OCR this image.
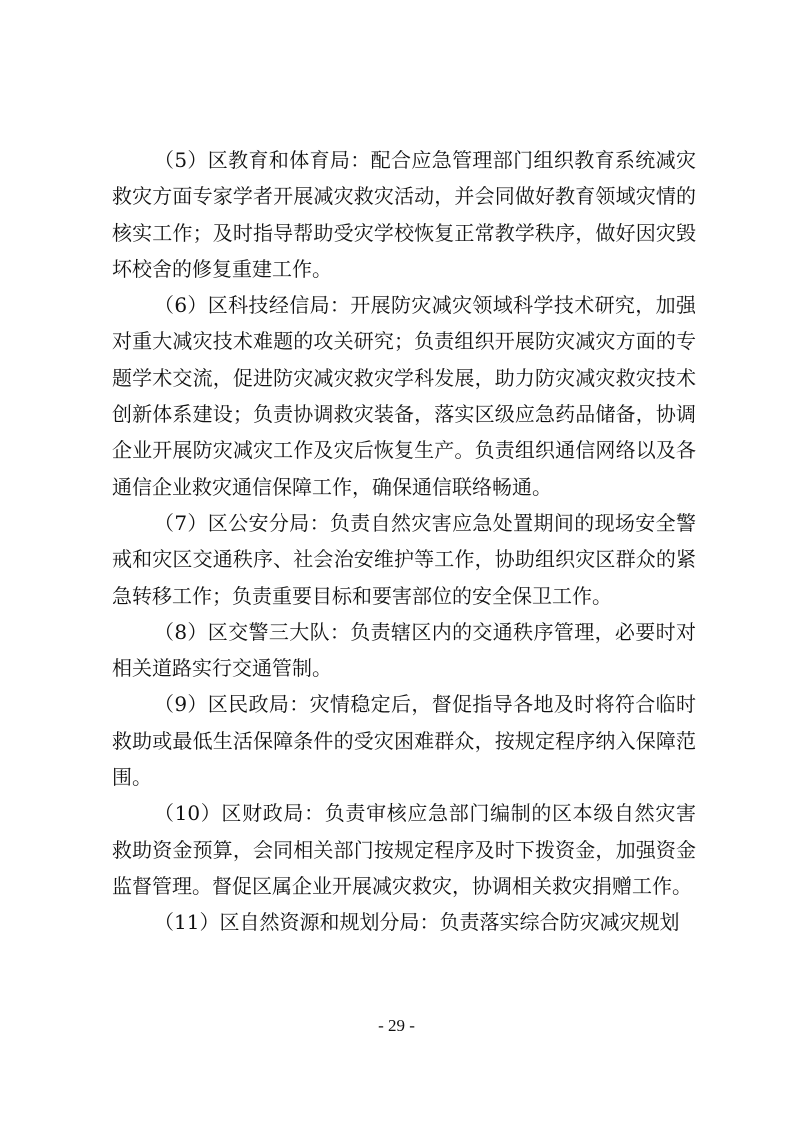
（5）区教育和体育局：配合应急管理部门组织教育系统减灾救灾方面专家学者开展减灾救灾活动，并会同做好教育领域灾情的核实工作；及时指导帮助受灾学校恢复正常教学秩序，做好因灾毁坏校舍的修复重建工作。

（6）区科技经信局：开展防灾减灾领域科学技术研究，加强对重大减灾技术难题的攻关研究；负责组织开展防灾减灾方面的专题学术交流，促进防灾减灾救灾学科发展，助力防灾减灾救灾技术创新体系建设；负责协调救灾装备，落实区级应急药品储备，协调企业开展防灾减灾工作及灾后恢复生产。负责组织通信网络以及各通信企业救灾通信保障工作，确保通信联络畅通。

（7）区公安分局：负责自然灾害应急处置期间的现场安全警戒和灾区交通秩序、社会治安维护等工作，协助组织灾区群众的紧急转移工作；负责重要目标和要害部位的安全保卫工作。

（8）区交警三大队：负责辖区内的交通秩序管理，必要时对相关道路实行交通管制。

（9）区民政局：灾情稳定后，督促指导各地及时将符合临时救助或最低生活保障条件的受灾困难群众，按规定程序纳入保障范围。

（10）区财政局：负责审核应急部门编制的区本级自然灾害救助资金预算，会同相关部门按规定程序及时下拨资金，加强资金监督管理。督促区属企业开展减灾救灾，协调相关救灾捐赠工作。

（11）区自然资源和规划分局：负责落实综合防灾减灾规划

- 29 -
